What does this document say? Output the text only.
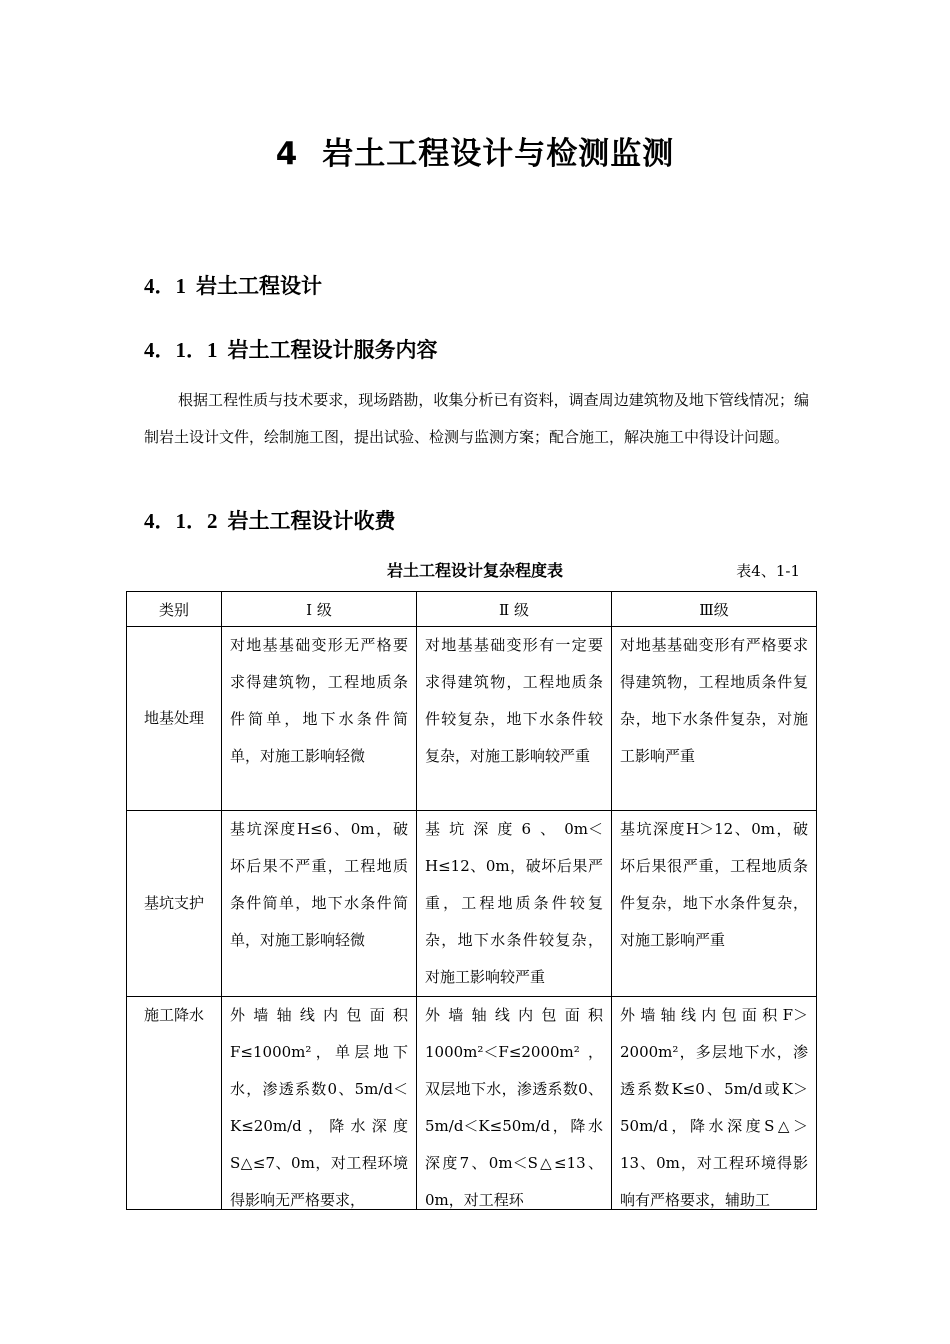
4 岩土工程设计与检测监测
4．1 岩土工程设计
4．1．1 岩土工程设计服务内容
根据工程性质与技术要求，现场踏勘，收集分析已有资料，调查周边建筑物及地下管线情况；编制岩土设计文件，绘制施工图，提出试验、检测与监测方案；配合施工，解决施工中得设计问题。
4．1．2 岩土工程设计收费
岩土工程设计复杂程度表	表4、1-1
类别	Ⅰ 级	Ⅱ 级	Ⅲ级
地基处理	对地基基础变形无严格要求得建筑物，工程地质条件简单，地下水条件简单，对施工影响轻微	对地基基础变形有一定要求得建筑物，工程地质条件较复杂，地下水条件较复杂，对施工影响较严重	对地基基础变形有严格要求得建筑物，工程地质条件复杂，地下水条件复杂，对施工影响严重
基坑支护	基坑深度H≤6、0m，破坏后果不严重，工程地质条件简单，地下水条件简单，对施工影响轻微	基坑深度6、0m＜H≤12、0m，破坏后果严重，工程地质条件较复杂，地下水条件较复杂，对施工影响较严重	基坑深度H＞12、0m，破坏后果很严重，工程地质条件复杂，地下水条件复杂，对施工影响严重
施工降水	外墙轴线内包面积F≤1000m²，单层地下水，渗透系数0、5m/d＜K≤20m/d，降水深度S△≤7、0m，对工程环境得影响无严格要求，	外墙轴线内包面积1000m²＜F≤2000m²，双层地下水，渗透系数0、5m/d＜K≤50m/d，降水深度7、0m＜S△≤13、0m，对工程环	外墙轴线内包面积F＞2000m²，多层地下水，渗透系数K≤0、5m/d或K＞50m/d，降水深度S△＞13、0m，对工程环境得影响有严格要求，辅助工
